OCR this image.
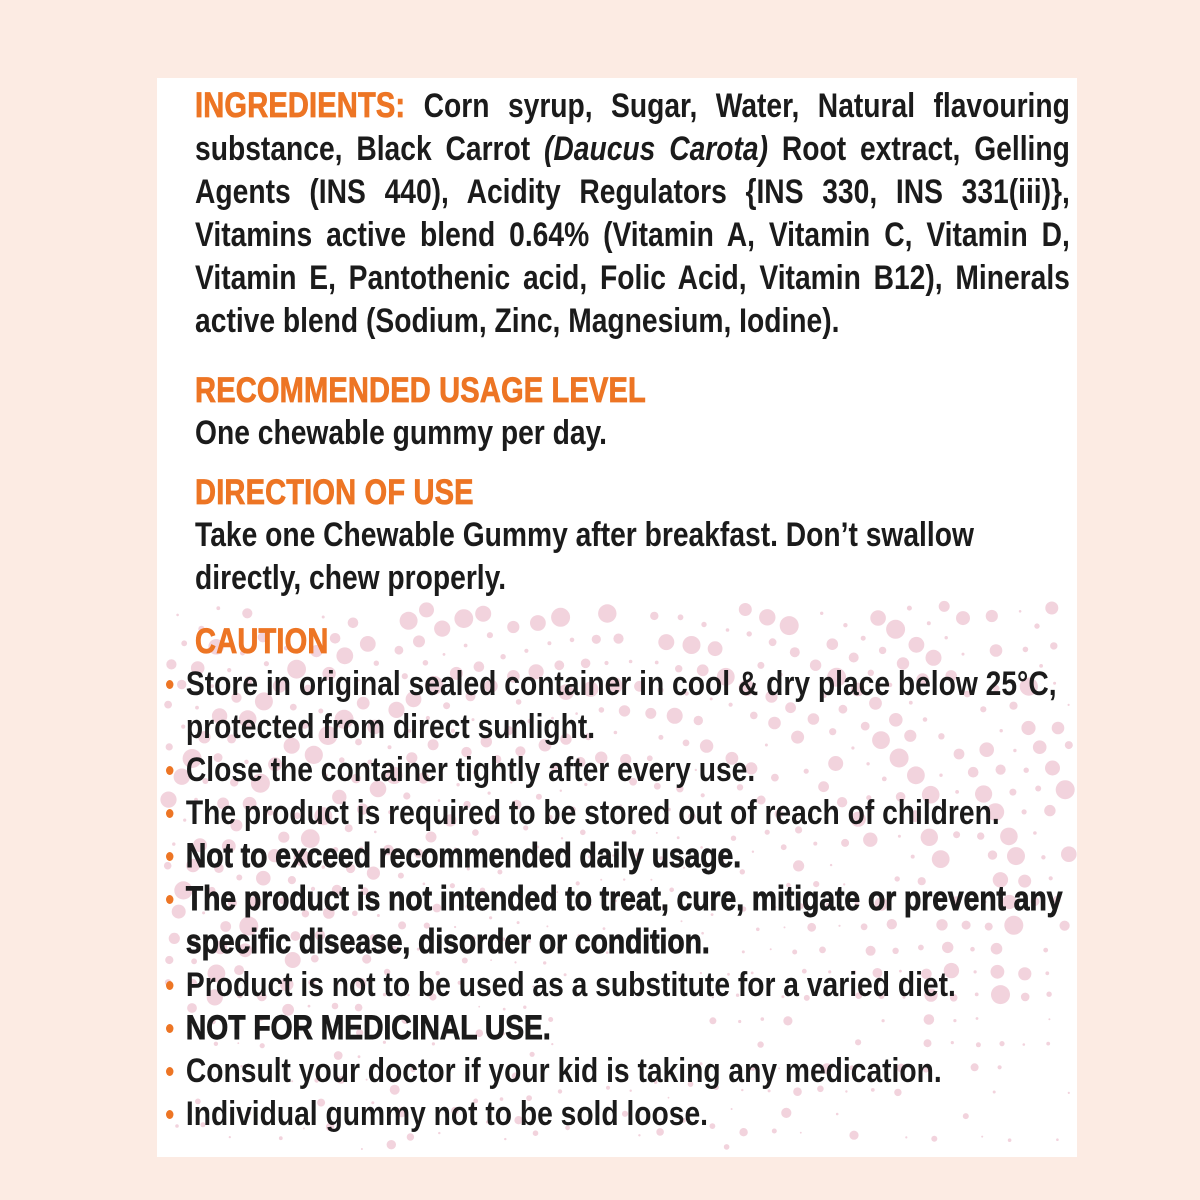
INGREDIENTS: Corn syrup, Sugar, Water, Natural flavouring substance, Black Carrot (Daucus Carota) Root extract, Gelling Agents (INS 440), Acidity Regulators {INS 330, INS 331(iii)}, Vitamins active blend 0.64% (Vitamin A, Vitamin C, Vitamin D, Vitamin E, Pantothenic acid, Folic Acid, Vitamin B12), Minerals active blend (Sodium, Zinc, Magnesium, Iodine).

RECOMMENDED USAGE LEVEL

One chewable gummy per day.

DIRECTION OF USE

Take one Chewable Gummy after breakfast. Don’t swallow directly, chew properly.

CAUTION
Store in original sealed container in cool & dry place below 25°C, protected from direct sunlight.
Close the container tightly after every use.
The product is required to be stored out of reach of children.
Not to exceed recommended daily usage.
The product is not intended to treat, cure, mitigate or prevent any specific disease, disorder or condition.
Product is not to be used as a substitute for a varied diet.
NOT FOR MEDICINAL USE.
Consult your doctor if your kid is taking any medication.
Individual gummy not to be sold loose.
